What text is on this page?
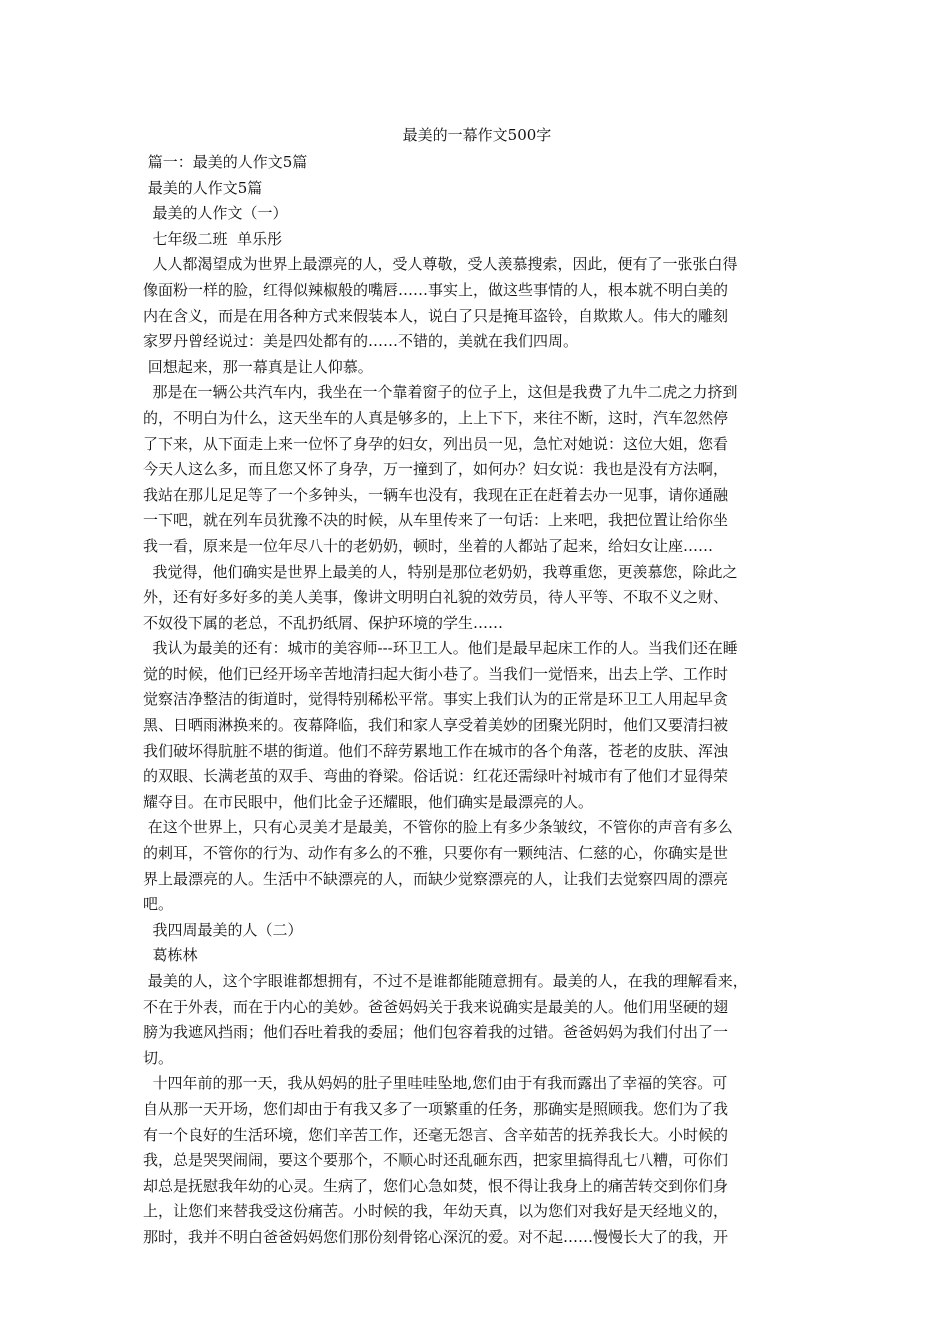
最美的一幕作文500字
篇一：最美的人作文5篇
最美的人作文5篇
最美的人作文（一）
七年级二班  单乐彤
人人都渴望成为世界上最漂亮的人，受人尊敬，受人羡慕搜索，因此，便有了一张张白得
像面粉一样的脸，红得似辣椒般的嘴唇……事实上，做这些事情的人，根本就不明白美的
内在含义，而是在用各种方式来假装本人，说白了只是掩耳盗铃，自欺欺人。伟大的雕刻
家罗丹曾经说过：美是四处都有的……不错的，美就在我们四周。
回想起来，那一幕真是让人仰慕。
那是在一辆公共汽车内，我坐在一个靠着窗子的位子上，这但是我费了九牛二虎之力挤到
的，不明白为什么，这天坐车的人真是够多的，上上下下，来往不断，这时，汽车忽然停
了下来，从下面走上来一位怀了身孕的妇女，列出员一见，急忙对她说：这位大姐，您看
今天人这么多，而且您又怀了身孕，万一撞到了，如何办？妇女说：我也是没有方法啊，
我站在那儿足足等了一个多钟头，一辆车也没有，我现在正在赶着去办一见事，请你通融
一下吧，就在列车员犹豫不决的时候，从车里传来了一句话：上来吧，我把位置让给你坐
我一看，原来是一位年尽八十的老奶奶，顿时，坐着的人都站了起来，给妇女让座……
我觉得，他们确实是世界上最美的人，特别是那位老奶奶，我尊重您，更羡慕您，除此之
外，还有好多好多的美人美事，像讲文明明白礼貌的效劳员，待人平等、不取不义之财、
不奴役下属的老总，不乱扔纸屑、保护环境的学生……
我认为最美的还有：城市的美容师---环卫工人。他们是最早起床工作的人。当我们还在睡
觉的时候，他们已经开场辛苦地清扫起大街小巷了。当我们一觉悟来，出去上学、工作时
觉察洁净整洁的街道时，觉得特别稀松平常。事实上我们认为的正常是环卫工人用起早贪
黑、日晒雨淋换来的。夜幕降临，我们和家人享受着美妙的团聚光阴时，他们又要清扫被
我们破坏得肮脏不堪的街道。他们不辞劳累地工作在城市的各个角落，苍老的皮肤、浑浊
的双眼、长满老茧的双手、弯曲的脊梁。俗话说：红花还需绿叶衬城市有了他们才显得荣
耀夺目。在市民眼中，他们比金子还耀眼，他们确实是最漂亮的人。
在这个世界上，只有心灵美才是最美，不管你的脸上有多少条皱纹，不管你的声音有多么
的刺耳，不管你的行为、动作有多么的不雅，只要你有一颗纯洁、仁慈的心，你确实是世
界上最漂亮的人。生活中不缺漂亮的人，而缺少觉察漂亮的人，让我们去觉察四周的漂亮
吧。
我四周最美的人（二）
葛栋林
最美的人，这个字眼谁都想拥有，不过不是谁都能随意拥有。最美的人，在我的理解看来，
不在于外表，而在于内心的美妙。爸爸妈妈关于我来说确实是最美的人。他们用坚硬的翅
膀为我遮风挡雨；他们吞吐着我的委屈；他们包容着我的过错。爸爸妈妈为我们付出了一
切。
十四年前的那一天，我从妈妈的肚子里哇哇坠地,您们由于有我而露出了幸福的笑容。可
自从那一天开场，您们却由于有我又多了一项繁重的任务，那确实是照顾我。您们为了我
有一个良好的生活环境，您们辛苦工作，还毫无怨言、含辛茹苦的抚养我长大。小时候的
我，总是哭哭闹闹，要这个要那个，不顺心时还乱砸东西，把家里搞得乱七八糟，可你们
却总是抚慰我年幼的心灵。生病了，您们心急如焚，恨不得让我身上的痛苦转交到你们身
上，让您们来替我受这份痛苦。小时候的我，年幼天真，以为您们对我好是天经地义的，
那时，我并不明白爸爸妈妈您们那份刻骨铭心深沉的爱。对不起……慢慢长大了的我，开
